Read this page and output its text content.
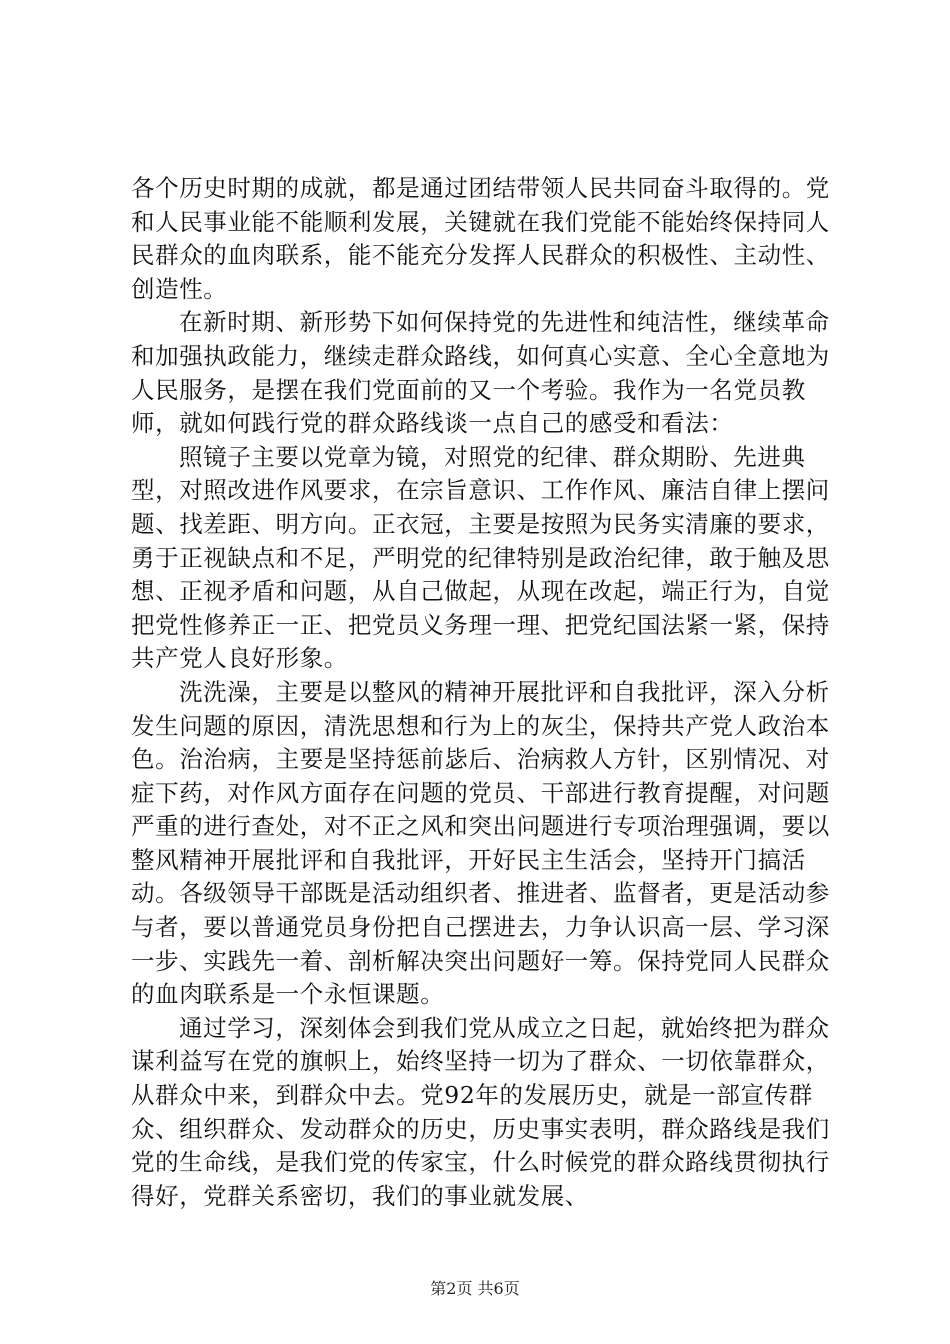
各个历史时期的成就，都是通过团结带领人民共同奋斗取得的。党和人民事业能不能顺利发展，关键就在我们党能不能始终保持同人民群众的血肉联系，能不能充分发挥人民群众的积极性、主动性、创造性。

在新时期、新形势下如何保持党的先进性和纯洁性，继续革命和加强执政能力，继续走群众路线，如何真心实意、全心全意地为人民服务，是摆在我们党面前的又一个考验。我作为一名党员教师，就如何践行党的群众路线谈一点自己的感受和看法：

照镜子主要以党章为镜，对照党的纪律、群众期盼、先进典型，对照改进作风要求，在宗旨意识、工作作风、廉洁自律上摆问题、找差距、明方向。正衣冠，主要是按照为民务实清廉的要求，勇于正视缺点和不足，严明党的纪律特别是政治纪律，敢于触及思想、正视矛盾和问题，从自己做起，从现在改起，端正行为，自觉把党性修养正一正、把党员义务理一理、把党纪国法紧一紧，保持共产党人良好形象。

洗洗澡，主要是以整风的精神开展批评和自我批评，深入分析发生问题的原因，清洗思想和行为上的灰尘，保持共产党人政治本色。治治病，主要是坚持惩前毖后、治病救人方针，区别情况、对症下药，对作风方面存在问题的党员、干部进行教育提醒，对问题严重的进行查处，对不正之风和突出问题进行专项治理强调，要以整风精神开展批评和自我批评，开好民主生活会，坚持开门搞活动。各级领导干部既是活动组织者、推进者、监督者，更是活动参与者，要以普通党员身份把自己摆进去，力争认识高一层、学习深一步、实践先一着、剖析解决突出问题好一筹。保持党同人民群众的血肉联系是一个永恒课题。

通过学习，深刻体会到我们党从成立之日起，就始终把为群众谋利益写在党的旗帜上，始终坚持一切为了群众、一切依靠群众，从群众中来，到群众中去。党92年的发展历史，就是一部宣传群众、组织群众、发动群众的历史，历史事实表明，群众路线是我们党的生命线，是我们党的传家宝，什么时候党的群众路线贯彻执行得好，党群关系密切，我们的事业就发展、

第2页 共6页
